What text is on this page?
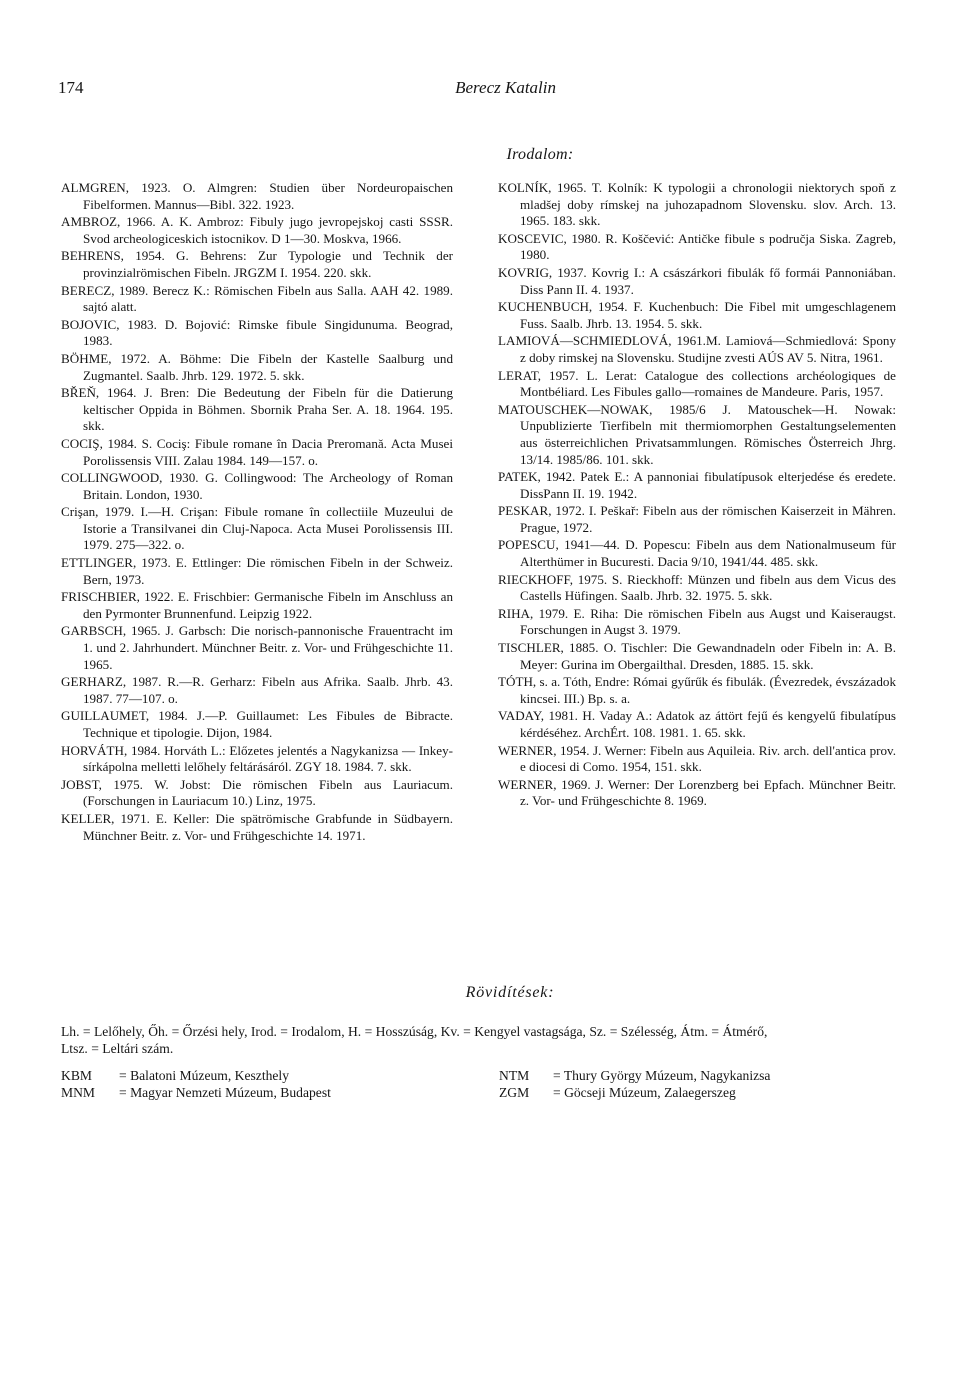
174	Berecz Katalin
Irodalom:

ALMGREN, 1923. O. Almgren: Studien über Nordeuropaischen Fibelformen. Mannus—Bibl. 322. 1923.

AMBROZ, 1966. A. K. Ambroz: Fibuly jugo jevropejskoj casti SSSR. Svod archeologiceskich istocnikov. D 1—30. Moskva, 1966.

BEHRENS, 1954. G. Behrens: Zur Typologie und Technik der provinzialrömischen Fibeln. JRGZM I. 1954. 220. skk.

BERECZ, 1989. Berecz K.: Römischen Fibeln aus Salla. AAH 42. 1989. sajtó alatt.

BOJOVIC, 1983. D. Bojović: Rimske fibule Singidunuma. Beograd, 1983.

BÖHME, 1972. A. Böhme: Die Fibeln der Kastelle Saalburg und Zugmantel. Saalb. Jhrb. 129. 1972. 5. skk.

BŘEŇ, 1964. J. Bren: Die Bedeutung der Fibeln für die Datierung keltischer Oppida in Böhmen. Sbornik Praha Ser. A. 18. 1964. 195. skk.

COCIŞ, 1984. S. Cociş: Fibule romane în Dacia Preromanǎ. Acta Musei Porolissensis VIII. Zalau 1984. 149—157. o.

COLLINGWOOD, 1930. G. Collingwood: The Archeology of Roman Britain. London, 1930.

Crişan, 1979. I.—H. Crişan: Fibule romane în collectiile Muzeului de Istorie a Transilvanei din Cluj-Napoca. Acta Musei Porolissensis III. 1979. 275—322. o.

ETTLINGER, 1973. E. Ettlinger: Die römischen Fibeln in der Schweiz. Bern, 1973.

FRISCHBIER, 1922. E. Frischbier: Germanische Fibeln im Anschluss an den Pyrmonter Brunnenfund. Leipzig 1922.

GARBSCH, 1965. J. Garbsch: Die norisch-pannonische Frauentracht im 1. und 2. Jahrhundert. Münchner Beitr. z. Vor- und Frühgeschichte 11. 1965.

GERHARZ, 1987. R.—R. Gerharz: Fibeln aus Afrika. Saalb. Jhrb. 43. 1987. 77—107. o.

GUILLAUMET, 1984. J.—P. Guillaumet: Les Fibules de Bibracte. Technique et tipologie. Dijon, 1984.

HORVÁTH, 1984. Horváth L.: Előzetes jelentés a Nagykanizsa — Inkey-sírkápolna melletti lelőhely feltárásáról. ZGY 18. 1984. 7. skk.

JOBST, 1975. W. Jobst: Die römischen Fibeln aus Lauriacum. (Forschungen in Lauriacum 10.) Linz, 1975.

KELLER, 1971. E. Keller: Die spätrömische Grabfunde in Südbayern. Münchner Beitr. z. Vor- und Frühgeschichte 14. 1971.

KOLNÍK, 1965. T. Kolník: K typologii a chronologii niektorych spoň z mladšej doby rímskej na juhozapadnom Slovensku. slov. Arch. 13. 1965. 183. skk.

KOSCEVIC, 1980. R. Koščević: Antičke fibule s područja Siska. Zagreb, 1980.

KOVRIG, 1937. Kovrig I.: A császárkori fibulák fő formái Pannoniában. Diss Pann II. 4. 1937.

KUCHENBUCH, 1954. F. Kuchenbuch: Die Fibel mit umgeschlagenem Fuss. Saalb. Jhrb. 13. 1954. 5. skk.

LAMIOVÁ—SCHMIEDLOVÁ, 1961.M. Lamiová—Schmiedlová: Spony z doby rimskej na Slovensku. Studijne zvesti AÚS AV 5. Nitra, 1961.

LERAT, 1957. L. Lerat: Catalogue des collections archéologiques de Montbéliard. Les Fibules gallo—romaines de Mandeure. Paris, 1957.

MATOUSCHEK—NOWAK, 1985/6 J. Matouschek—H. Nowak: Unpublizierte Tierfibeln mit thermiomorphen Gestaltungselementen aus österreichlichen Privatsammlungen. Römisches Österreich Jhrg. 13/14. 1985/86. 101. skk.

PATEK, 1942. Patek E.: A pannoniai fibulatípusok elterjedése és eredete. DissPann II. 19. 1942.

PESKAR, 1972. I. Peškař: Fibeln aus der römischen Kaiserzeit in Mähren. Prague, 1972.

POPESCU, 1941—44. D. Popescu: Fibeln aus dem Nationalmuseum für Alterthümer in Bucuresti. Dacia 9/10, 1941/44. 485. skk.

RIECKHOFF, 1975. S. Rieckhoff: Münzen und fibeln aus dem Vicus des Castells Hüfingen. Saalb. Jhrb. 32. 1975. 5. skk.

RIHA, 1979. E. Riha: Die römischen Fibeln aus Augst und Kaiseraugst. Forschungen in Augst 3. 1979.

TISCHLER, 1885. O. Tischler: Die Gewandnadeln oder Fibeln in: A. B. Meyer: Gurina im Obergailthal. Dresden, 1885. 15. skk.

TÓTH, s. a. Tóth, Endre: Római gyűrűk és fibulák. (Évezredek, évszázadok kincsei. III.) Bp. s. a.

VADAY, 1981. H. Vaday A.: Adatok az áttört fejű és kengyelű fibulatípus kérdéséhez. ArchÉrt. 108. 1981. 1. 65. skk.

WERNER, 1954. J. Werner: Fibeln aus Aquileia. Riv. arch. dell'antica prov. e diocesi di Como. 1954, 151. skk.

WERNER, 1969. J. Werner: Der Lorenzberg bei Epfach. Münchner Beitr. z. Vor- und Frühgeschichte 8. 1969.

Rövidítések:
Lh. = Lelőhely, Őh. = Őrzési hely, Irod. = Irodalom, H. = Hosszúság, Kv. = Kengyel vastagsága, Sz. = Szélesség, Átm. = Átmérő,
Ltsz. = Leltári szám.
KBM	= Balatoni Múzeum, Keszthely	NTM	= Thury György Múzeum, Nagykanizsa
MNM	= Magyar Nemzeti Múzeum, Budapest	ZGM	= Göcseji Múzeum, Zalaegerszeg
